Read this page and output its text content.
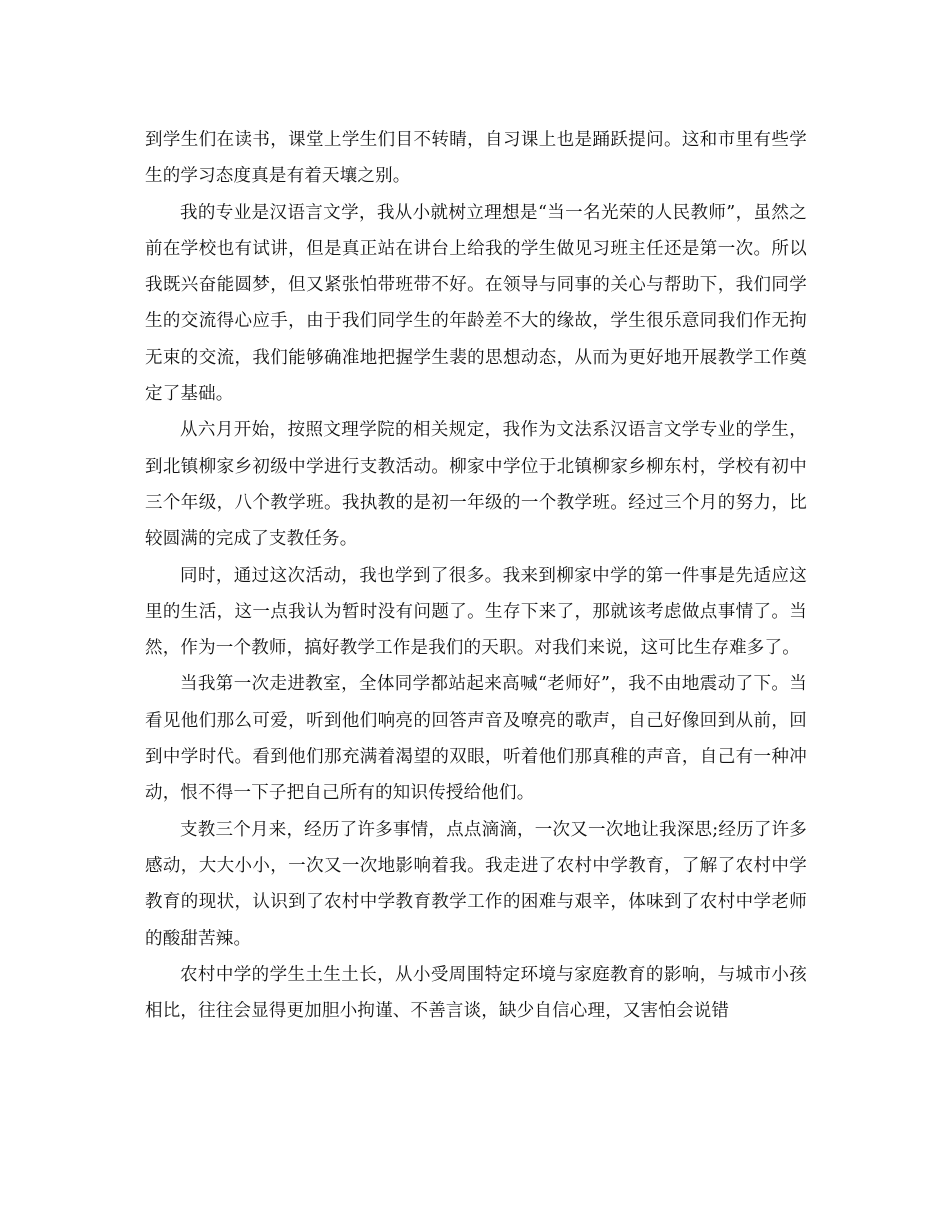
到学生们在读书，课堂上学生们目不转睛，自习课上也是踊跃提问。这和市里有些学生的学习态度真是有着天壤之别。

我的专业是汉语言文学，我从小就树立理想是“当一名光荣的人民教师”，虽然之前在学校也有试讲，但是真正站在讲台上给我的学生做见习班主任还是第一次。所以我既兴奋能圆梦，但又紧张怕带班带不好。在领导与同事的关心与帮助下，我们同学生的交流得心应手，由于我们同学生的年龄差不大的缘故，学生很乐意同我们作无拘无束的交流，我们能够确准地把握学生裴的思想动态，从而为更好地开展教学工作奠定了基础。

从六月开始，按照文理学院的相关规定，我作为文法系汉语言文学专业的学生，到北镇柳家乡初级中学进行支教活动。柳家中学位于北镇柳家乡柳东村，学校有初中三个年级，八个教学班。我执教的是初一年级的一个教学班。经过三个月的努力，比较圆满的完成了支教任务。

同时，通过这次活动，我也学到了很多。我来到柳家中学的第一件事是先适应这里的生活，这一点我认为暂时没有问题了。生存下来了，那就该考虑做点事情了。当然，作为一个教师，搞好教学工作是我们的天职。对我们来说，这可比生存难多了。

当我第一次走进教室，全体同学都站起来高喊“老师好”，我不由地震动了下。当看见他们那么可爱，听到他们响亮的回答声音及嘹亮的歌声，自己好像回到从前，回到中学时代。看到他们那充满着渴望的双眼，听着他们那真稚的声音，自己有一种冲动，恨不得一下子把自己所有的知识传授给他们。

支教三个月来，经历了许多事情，点点滴滴，一次又一次地让我深思;经历了许多感动，大大小小，一次又一次地影响着我。我走进了农村中学教育，了解了农村中学教育的现状，认识到了农村中学教育教学工作的困难与艰辛，体味到了农村中学老师的酸甜苦辣。

农村中学的学生土生土长，从小受周围特定环境与家庭教育的影响，与城市小孩相比，往往会显得更加胆小拘谨、不善言谈，缺少自信心理，又害怕会说错
